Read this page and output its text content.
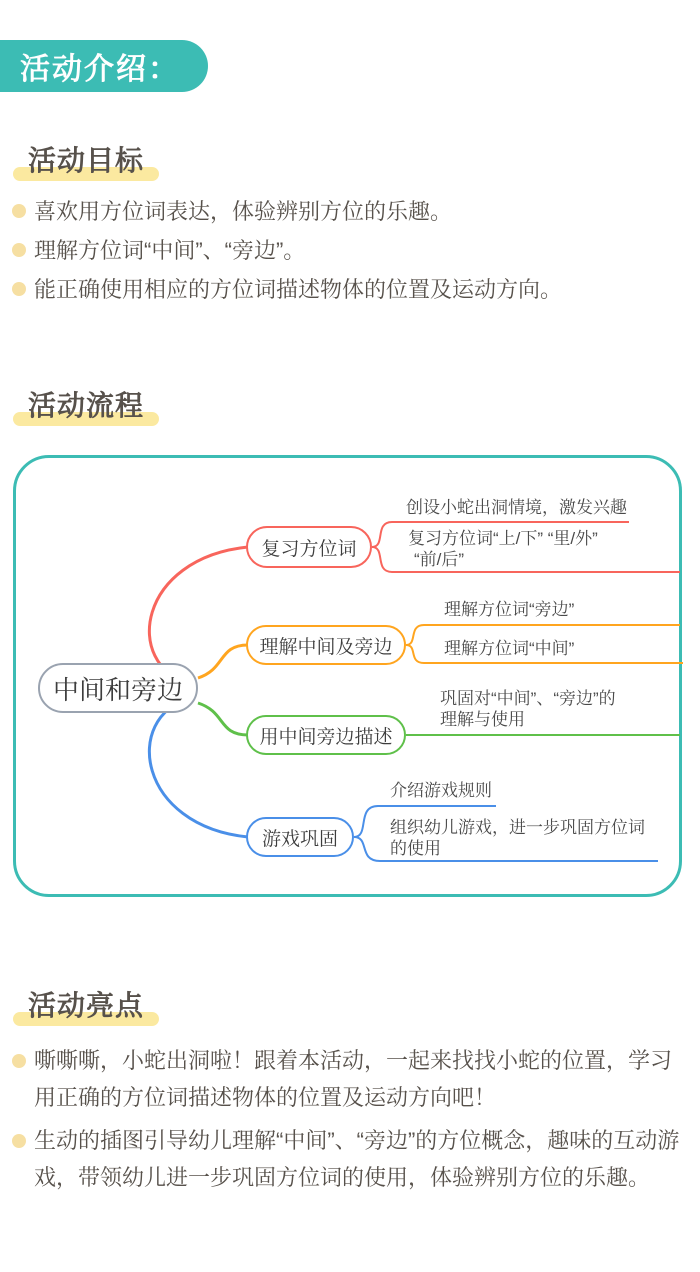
活动介绍：
活动目标
喜欢用方位词表达，体验辨别方位的乐趣。
理解方位词“中间”、“旁边”。
能正确使用相应的方位词描述物体的位置及运动方向。
活动流程
中间和旁边
复习方位词
理解中间及旁边
用中间旁边描述
游戏巩固
创设小蛇出洞情境，激发兴趣
复习方位词“上/下” “里/外”
“前/后”
理解方位词“旁边”
理解方位词“中间”
巩固对“中间”、“旁边”的
理解与使用
介绍游戏规则
组织幼儿游戏，进一步巩固方位词
的使用
活动亮点
嘶嘶嘶，小蛇出洞啦！跟着本活动，一起来找找小蛇的位置，学习用正确的方位词描述物体的位置及运动方向吧！
生动的插图引导幼儿理解“中间”、“旁边”的方位概念，趣味的互动游戏，带领幼儿进一步巩固方位词的使用，体验辨别方位的乐趣。
